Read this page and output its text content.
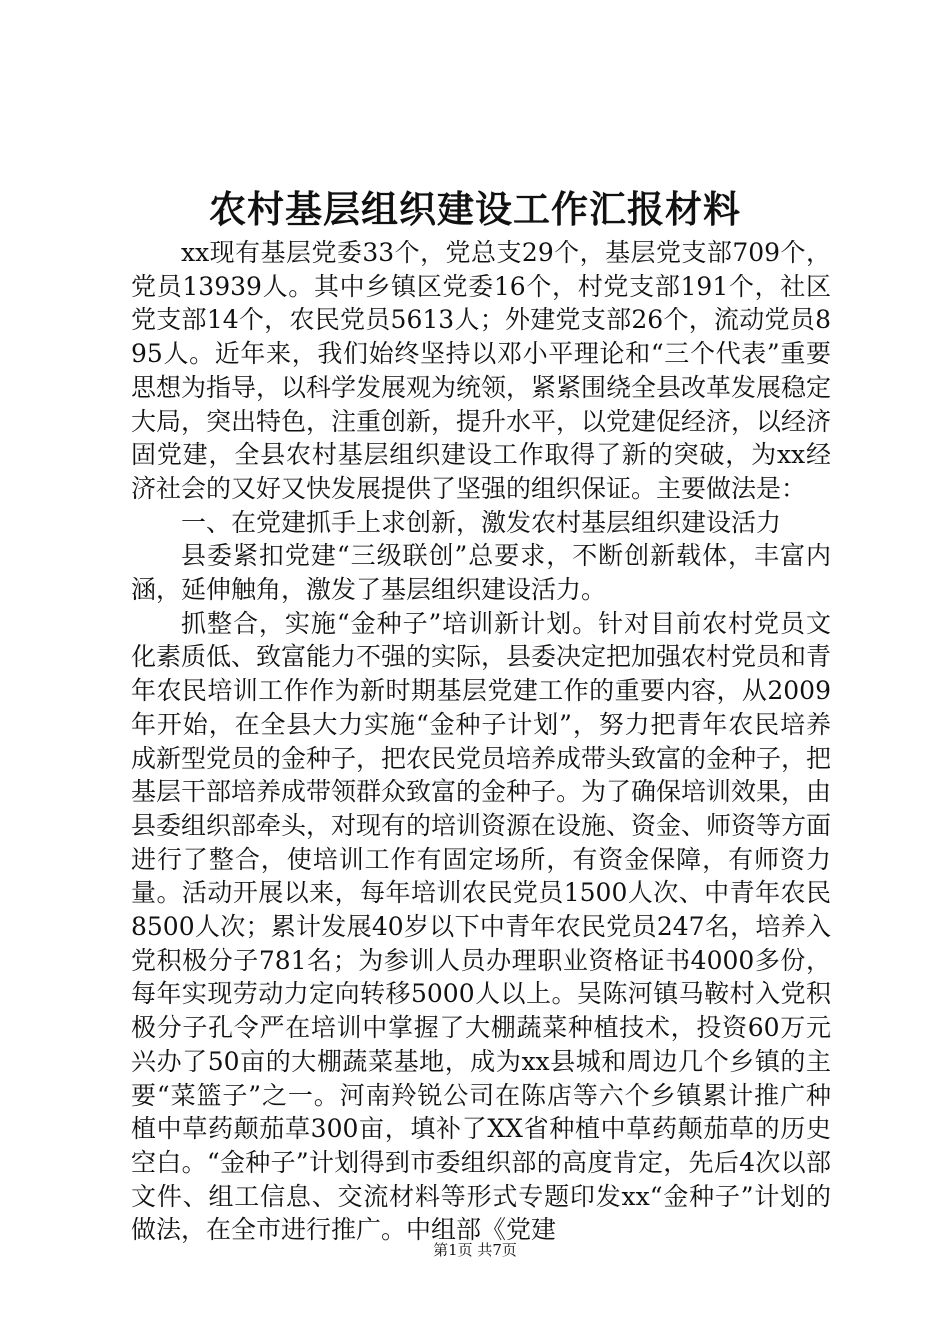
农村基层组织建设工作汇报材料

xx现有基层党委33个，党总支29个，基层党支部709个，党员13939人。其中乡镇区党委16个，村党支部191个，社区党支部14个，农民党员5613人；外建党支部26个，流动党员895人。近年来，我们始终坚持以邓小平理论和“三个代表”重要思想为指导，以科学发展观为统领，紧紧围绕全县改革发展稳定大局，突出特色，注重创新，提升水平，以党建促经济，以经济固党建，全县农村基层组织建设工作取得了新的突破，为xx经济社会的又好又快发展提供了坚强的组织保证。主要做法是：

一、在党建抓手上求创新，激发农村基层组织建设活力

县委紧扣党建“三级联创”总要求，不断创新载体，丰富内涵，延伸触角，激发了基层组织建设活力。

抓整合，实施“金种子”培训新计划。针对目前农村党员文化素质低、致富能力不强的实际，县委决定把加强农村党员和青年农民培训工作作为新时期基层党建工作的重要内容，从2009年开始，在全县大力实施“金种子计划”，努力把青年农民培养成新型党员的金种子，把农民党员培养成带头致富的金种子，把基层干部培养成带领群众致富的金种子。为了确保培训效果，由县委组织部牵头，对现有的培训资源在设施、资金、师资等方面进行了整合，使培训工作有固定场所，有资金保障，有师资力量。活动开展以来，每年培训农民党员1500人次、中青年农民8500人次；累计发展40岁以下中青年农民党员247名，培养入党积极分子781名；为参训人员办理职业资格证书4000多份，每年实现劳动力定向转移5000人以上。吴陈河镇马鞍村入党积极分子孔令严在培训中掌握了大棚蔬菜种植技术，投资60万元兴办了50亩的大棚蔬菜基地，成为xx县城和周边几个乡镇的主要“菜篮子”之一。河南羚锐公司在陈店等六个乡镇累计推广种植中草药颠茄草300亩，填补了XX省种植中草药颠茄草的历史空白。“金种子”计划得到市委组织部的高度肯定，先后4次以部文件、组工信息、交流材料等形式专题印发xx“金种子”计划的做法，在全市进行推广。中组部《党建

第1页 共7页
